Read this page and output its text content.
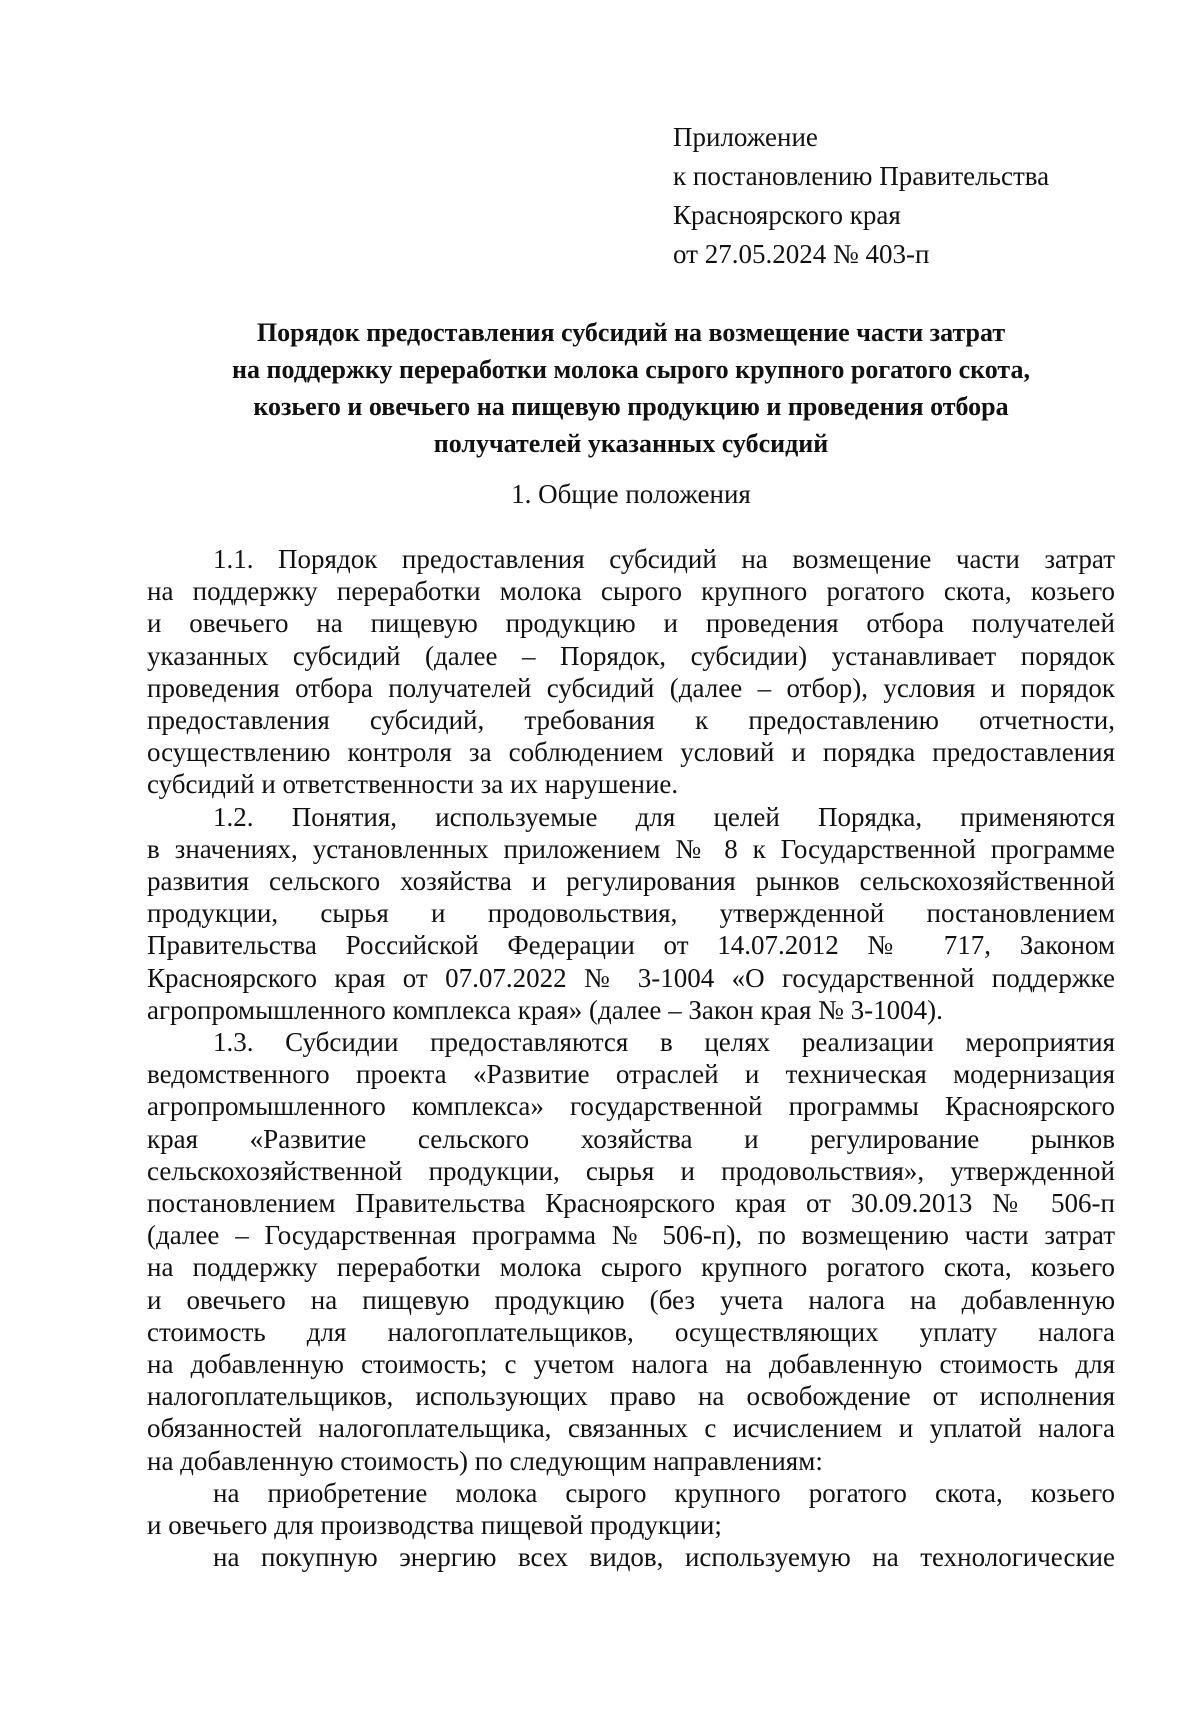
Приложение
к постановлению Правительства
Красноярского края
от 27.05.2024 № 403-п
Порядок предоставления субсидий на возмещение части затрат
на поддержку переработки молока сырого крупного рогатого скота,
козьего и овечьего на пищевую продукцию и проведения отбора
получателей указанных субсидий
1. Общие положения
1.1. Порядок предоставления субсидий на возмещение части затрат
на поддержку переработки молока сырого крупного рогатого скота, козьего
и овечьего на пищевую продукцию и проведения отбора получателей
указанных субсидий (далее – Порядок, субсидии) устанавливает порядок
проведения отбора получателей субсидий (далее – отбор), условия и порядок
предоставления субсидий, требования к предоставлению отчетности,
осуществлению контроля за соблюдением условий и порядка предоставления
субсидий и ответственности за их нарушение.
1.2. Понятия, используемые для целей Порядка, применяются
в значениях, установленных приложением № 8 к Государственной программе
развития сельского хозяйства и регулирования рынков сельскохозяйственной
продукции, сырья и продовольствия, утвержденной постановлением
Правительства Российской Федерации от 14.07.2012 № 717, Законом
Красноярского края от 07.07.2022 № 3-1004 «О государственной поддержке
агропромышленного комплекса края» (далее – Закон края № 3-1004).
1.3. Субсидии предоставляются в целях реализации мероприятия
ведомственного проекта «Развитие отраслей и техническая модернизация
агропромышленного комплекса» государственной программы Красноярского
края «Развитие сельского хозяйства и регулирование рынков
сельскохозяйственной продукции, сырья и продовольствия», утвержденной
постановлением Правительства Красноярского края от 30.09.2013 № 506-п
(далее – Государственная программа № 506-п), по возмещению части затрат
на поддержку переработки молока сырого крупного рогатого скота, козьего
и овечьего на пищевую продукцию (без учета налога на добавленную
стоимость для налогоплательщиков, осуществляющих уплату налога
на добавленную стоимость; с учетом налога на добавленную стоимость для
налогоплательщиков, использующих право на освобождение от исполнения
обязанностей налогоплательщика, связанных с исчислением и уплатой налога
на добавленную стоимость) по следующим направлениям:
на приобретение молока сырого крупного рогатого скота, козьего
и овечьего для производства пищевой продукции;
на покупную энергию всех видов, используемую на технологические
